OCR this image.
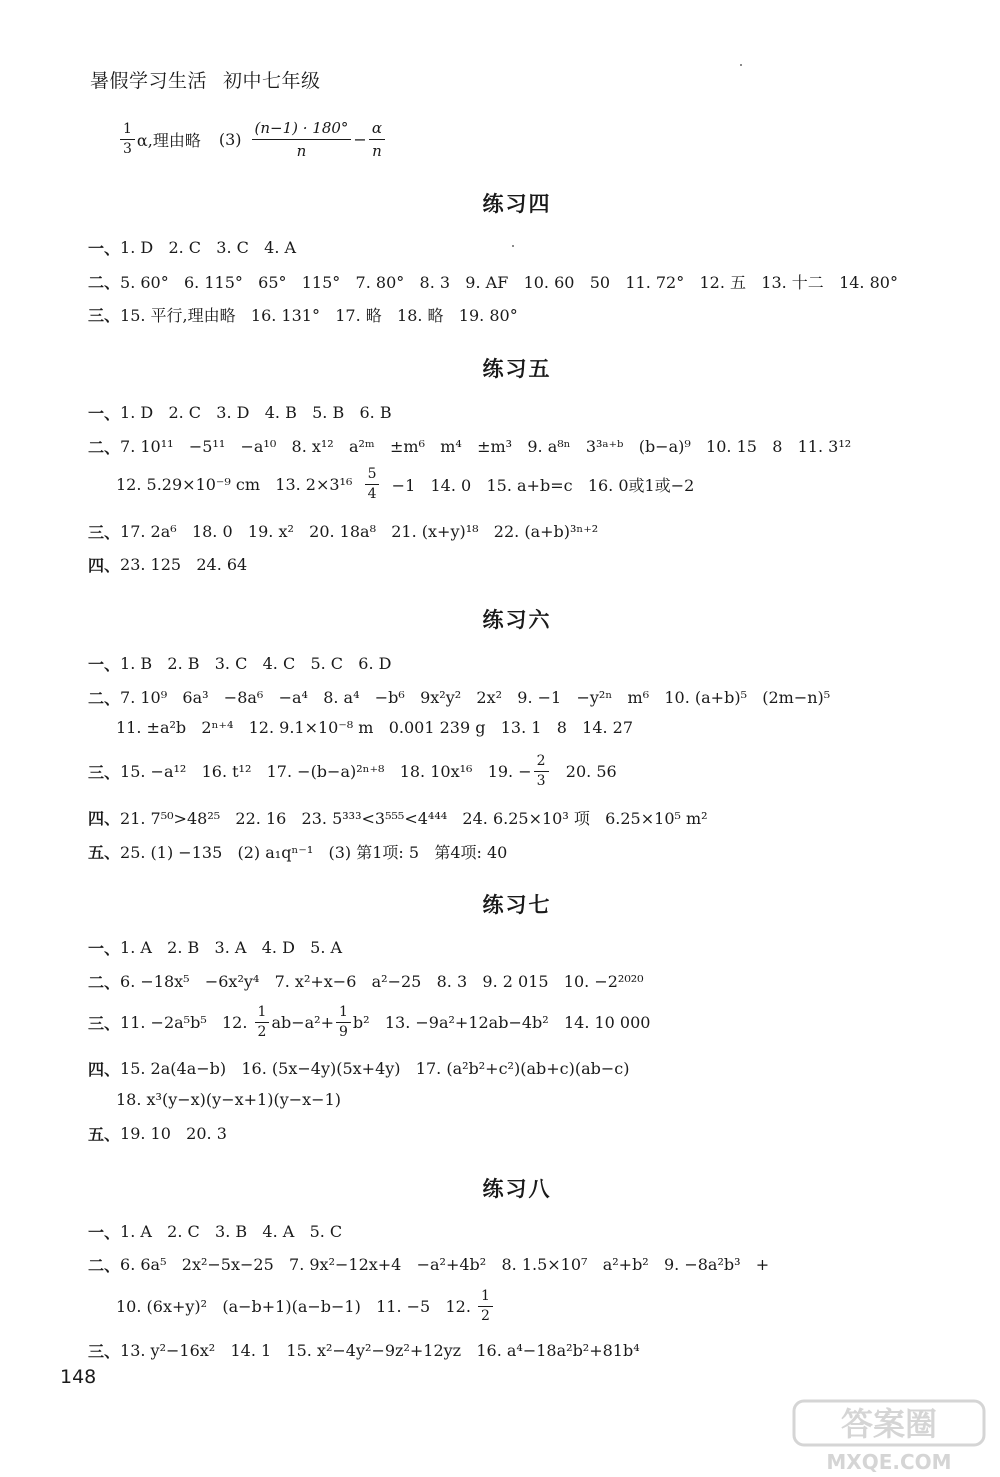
暑假学习生活 初中七年级
$\frac{1}{3} \alpha$,理由略 $(3) \frac{(n-1) \cdot 180^\circ}{n} - \frac{\alpha}{n}$
练习四
一、 1. D   2. C   3. C   4. A
二、 5. 60°   6. 115°   65°   115°   7. 80°   8. 3   9. AF   10. 60   50   11. 72°   12. 五   13. 十二   14. 80°
三、 15. 平行,理由略   16. 131°   17. 略   18. 略   19. 80°
练习五
一、 1. D   2. C   3. D   4. B   5. B   6. B
二、 7. 10¹¹   −5¹¹   −a¹⁰   8. x¹²   a²ᵐ   ±m⁶   m⁴   ±m³   9. a⁸ⁿ   3³ᵃ⁺ᵇ   (b−a)⁹   10. 15   8   11. 3¹²
12. 5.29×10⁻⁹ cm   13. $2\times 3^{16} \frac{5}{4} -1$   14. 0   15. a+b=c   16. 0或1或−2
三、 17. 2a⁶   18. 0   19. x²   20. 18a⁸   21. (x+y)¹⁸   22. (a+b)³ⁿ⁺²
四、 23. 125   24. 64
练习六
一、 1. B   2. B   3. C   4. C   5. C   6. D
二、 7. 10⁹   6a³   −8a⁶   −a⁴   8. a⁴   −b⁶   9x²y²   2x²   9. −1   −y²ⁿ   m⁶   10. (a+b)⁵   (2m−n)⁵
11. ±a²b   2ⁿ⁺⁴   12. 9.1×10⁻⁸ m   0.001 239 g   13. 1   8   14. 27
三、 15. −a¹²   16. t¹²   17. −(b−a)²ⁿ⁺⁸   18. 10x¹⁶   19. − $\frac{2}{3} 20$. 56
四、 21. 7⁵⁰>48²⁵   22. 16   23. 5³³³<3⁵⁵⁵<4⁴⁴⁴   24. 6.25×10³ 项   6.25×10⁵ m²
五、 25. (1) −135   (2) a₁qⁿ⁻¹   (3) 第1项: 5   第4项: 40
练习七
一、 1. A   2. B   3. A   4. D   5. A
二、 6. −18x⁵   −6x²y⁴   7. x²+x−6   a²−25   8. 3   9. 2 015   10. −2²⁰²⁰
三、 11. −2a⁵b⁵   12. $\frac{1}{2} ab-a^2+ \frac{1}{9} b^2$   13. −9a²+12ab−4b²   14. 10 000
四、 15. 2a(4a−b)   16. (5x−4y)(5x+4y)   17. (a²b²+c²)(ab+c)(ab−c)
18. x³(y−x)(y−x+1)(y−x−1)
五、 19. 10   20. 3
练习八
一、 1. A   2. C   3. B   4. A   5. C
二、 6. 6a⁵   2x²−5x−25   7. 9x²−12x+4   −a²+4b²   8. 1.5×10⁷   a²+b²   9. −8a²b³   +
10. (6x+y)²   (a−b+1)(a−b−1)   11. −5   12. $\frac{1}{2}$
三、 13. y²−16x²   14. 1   15. x²−4y²−9z²+12yz   16. a⁴−18a²b²+81b⁴
148
答案圈
MXQE.COM
